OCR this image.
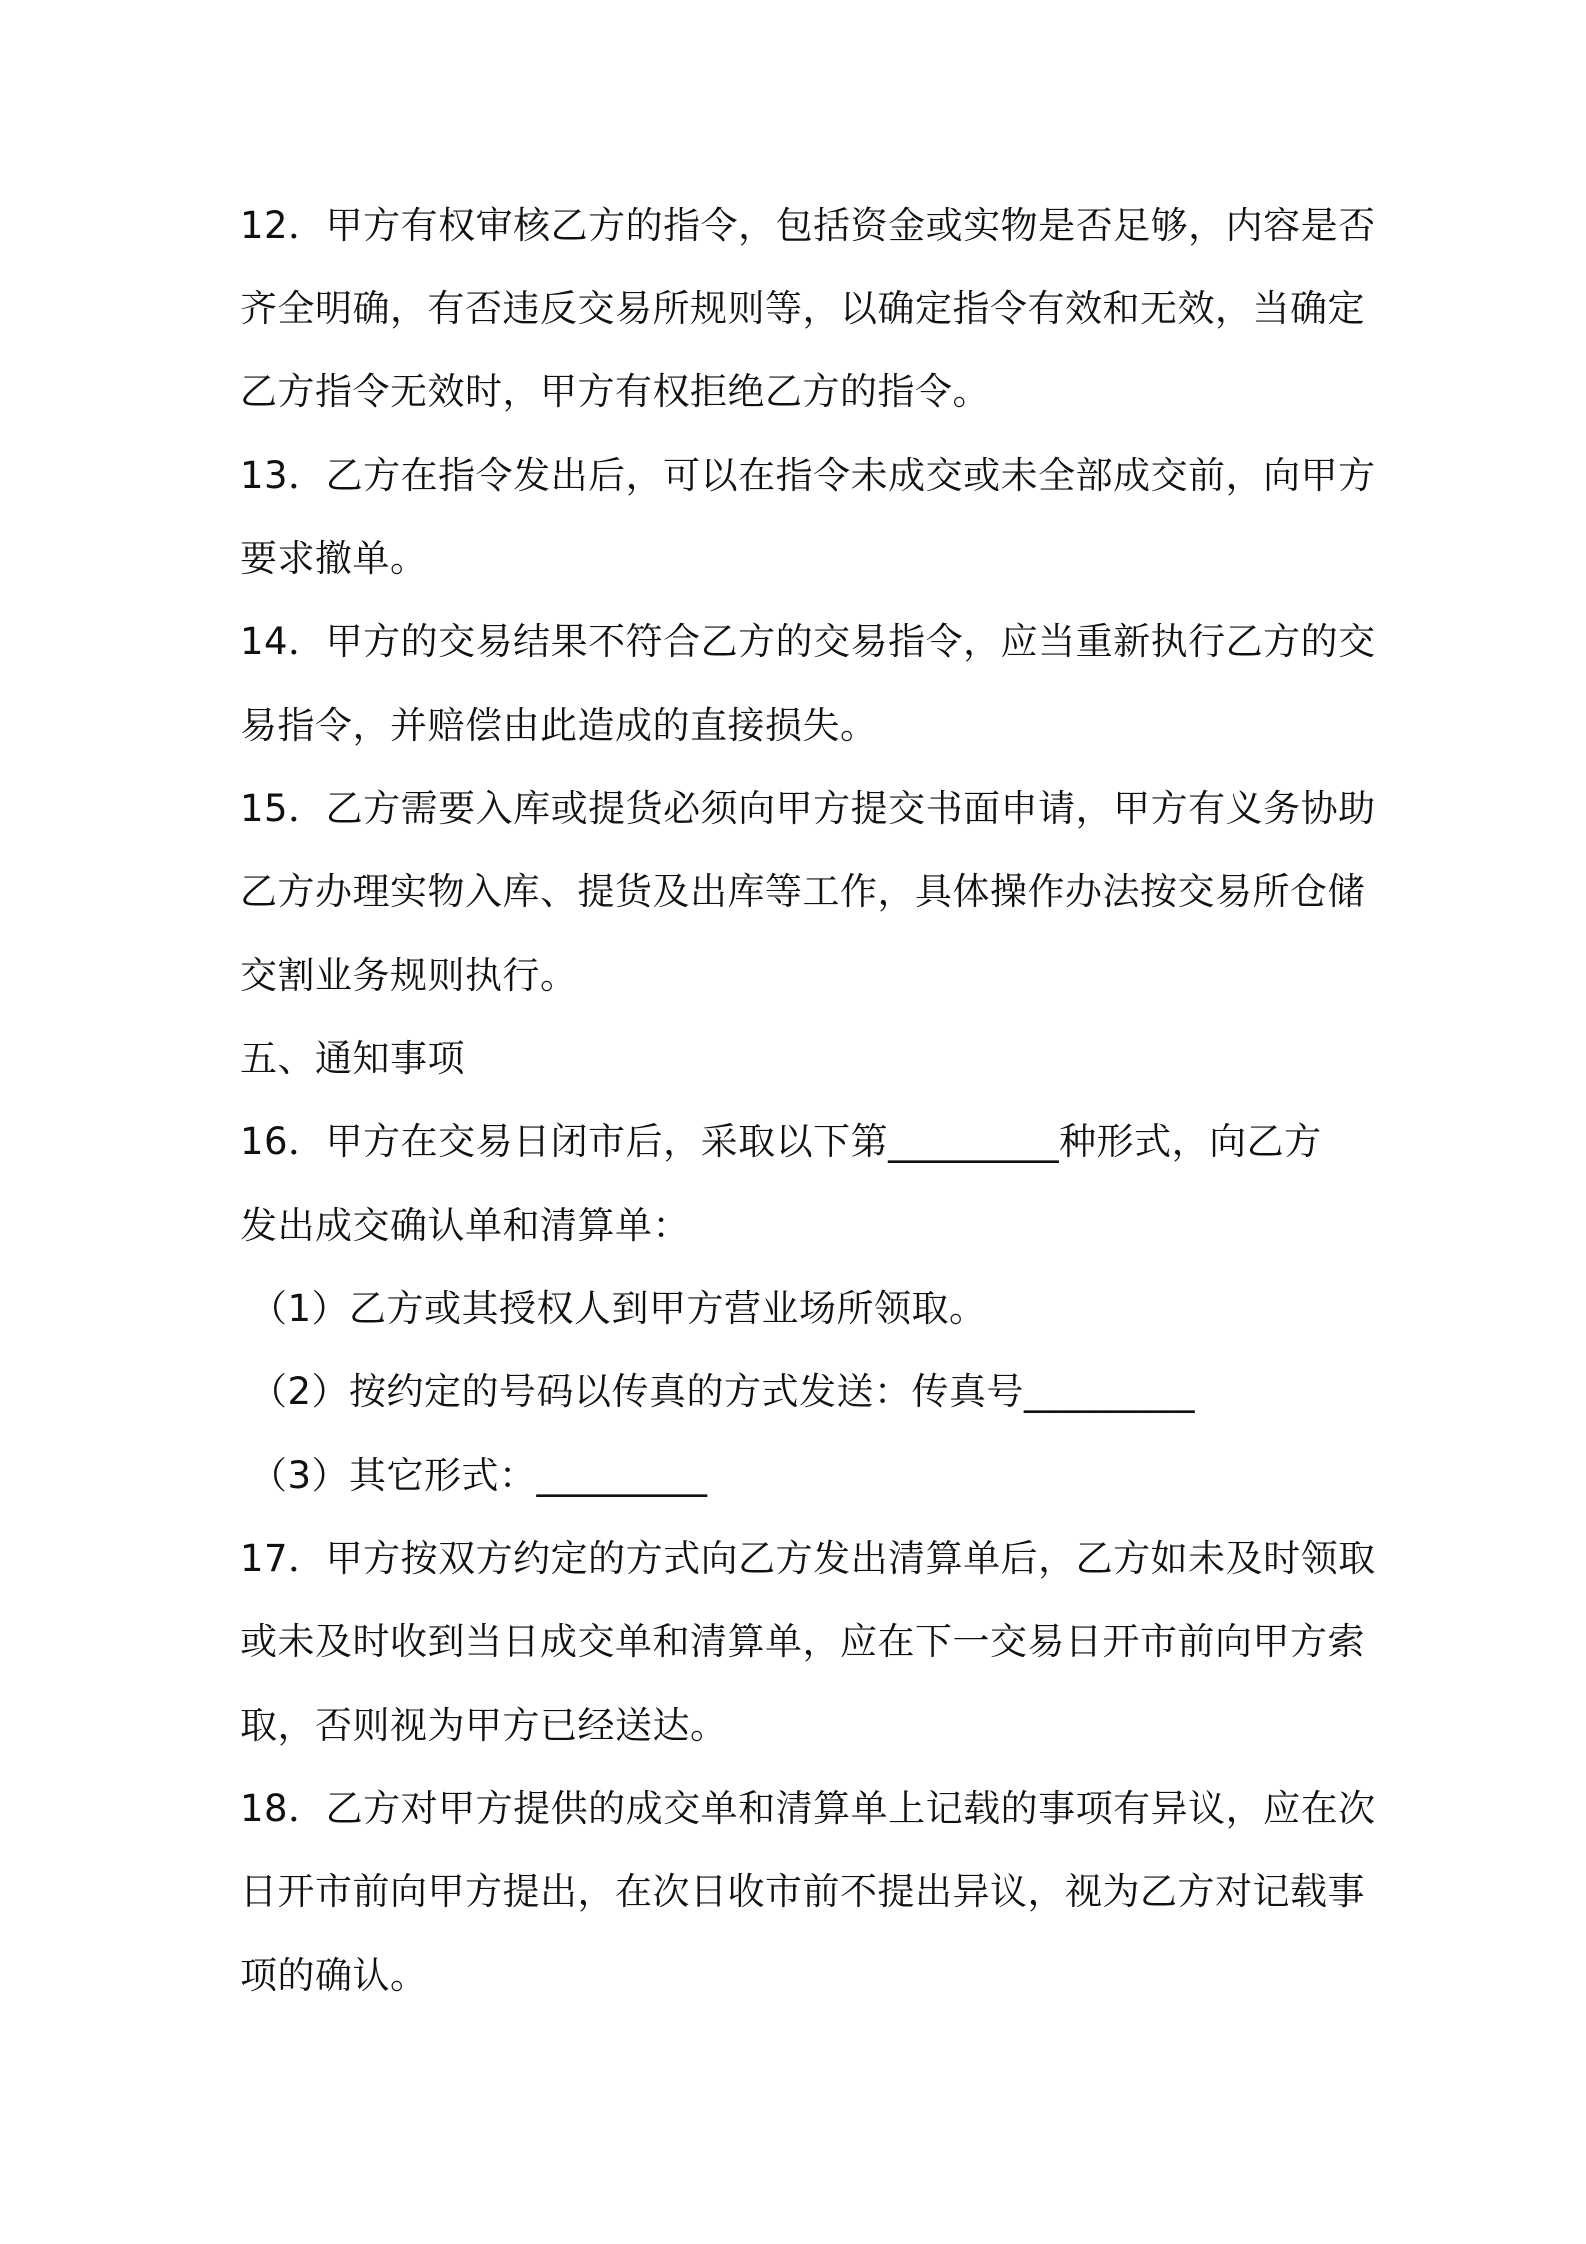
12．甲方有权审核乙方的指令，包括资金或实物是否足够，内容是否
齐全明确，有否违反交易所规则等，以确定指令有效和无效，当确定
乙方指令无效时，甲方有权拒绝乙方的指令。
13．乙方在指令发出后，可以在指令未成交或未全部成交前，向甲方
要求撤单。
14．甲方的交易结果不符合乙方的交易指令，应当重新执行乙方的交
易指令，并赔偿由此造成的直接损失。
15．乙方需要入库或提货必须向甲方提交书面申请，甲方有义务协助
乙方办理实物入库、提货及出库等工作，具体操作办法按交易所仓储
交割业务规则执行。
五、通知事项
16．甲方在交易日闭市后，采取以下第_________种形式，向乙方
发出成交确认单和清算单：
（1）乙方或其授权人到甲方营业场所领取。
（2）按约定的号码以传真的方式发送：传真号_________
（3）其它形式：_________
17．甲方按双方约定的方式向乙方发出清算单后，乙方如未及时领取
或未及时收到当日成交单和清算单，应在下一交易日开市前向甲方索
取，否则视为甲方已经送达。
18．乙方对甲方提供的成交单和清算单上记载的事项有异议，应在次
日开市前向甲方提出，在次日收市前不提出异议，视为乙方对记载事
项的确认。
